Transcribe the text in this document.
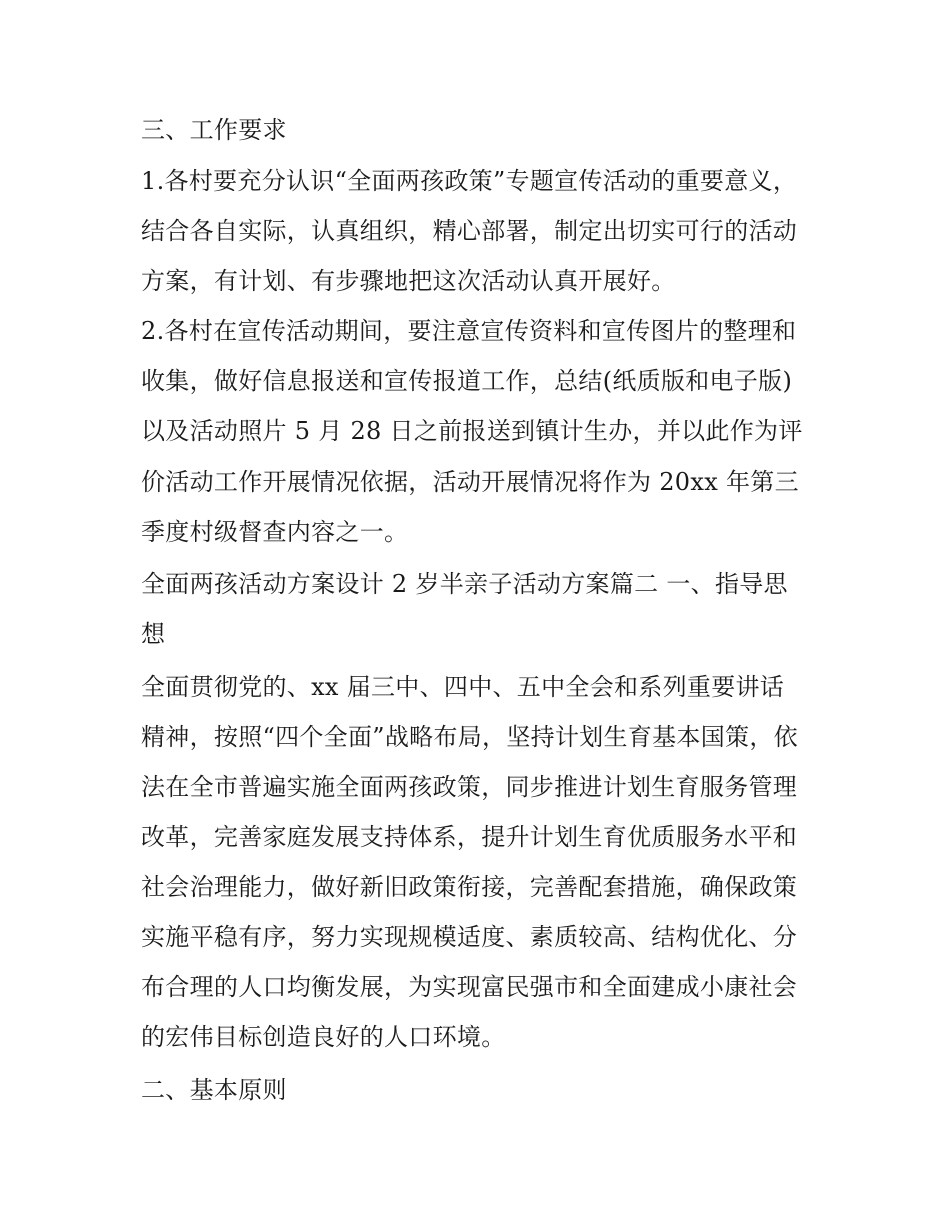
三、工作要求
1.各村要充分认识“全面两孩政策”专题宣传活动的重要意义，
结合各自实际，认真组织，精心部署，制定出切实可行的活动
方案，有计划、有步骤地把这次活动认真开展好。
2.各村在宣传活动期间，要注意宣传资料和宣传图片的整理和
收集，做好信息报送和宣传报道工作，总结(纸质版和电子版)
以及活动照片 5 月 28 日之前报送到镇计生办，并以此作为评
价活动工作开展情况依据，活动开展情况将作为 20xx 年第三
季度村级督查内容之一。
全面两孩活动方案设计 2 岁半亲子活动方案篇二 一、指导思
想
全面贯彻党的、xx 届三中、四中、五中全会和系列重要讲话
精神，按照“四个全面”战略布局，坚持计划生育基本国策，依
法在全市普遍实施全面两孩政策，同步推进计划生育服务管理
改革，完善家庭发展支持体系，提升计划生育优质服务水平和
社会治理能力，做好新旧政策衔接，完善配套措施，确保政策
实施平稳有序，努力实现规模适度、素质较高、结构优化、分
布合理的人口均衡发展，为实现富民强市和全面建成小康社会
的宏伟目标创造良好的人口环境。
二、基本原则
